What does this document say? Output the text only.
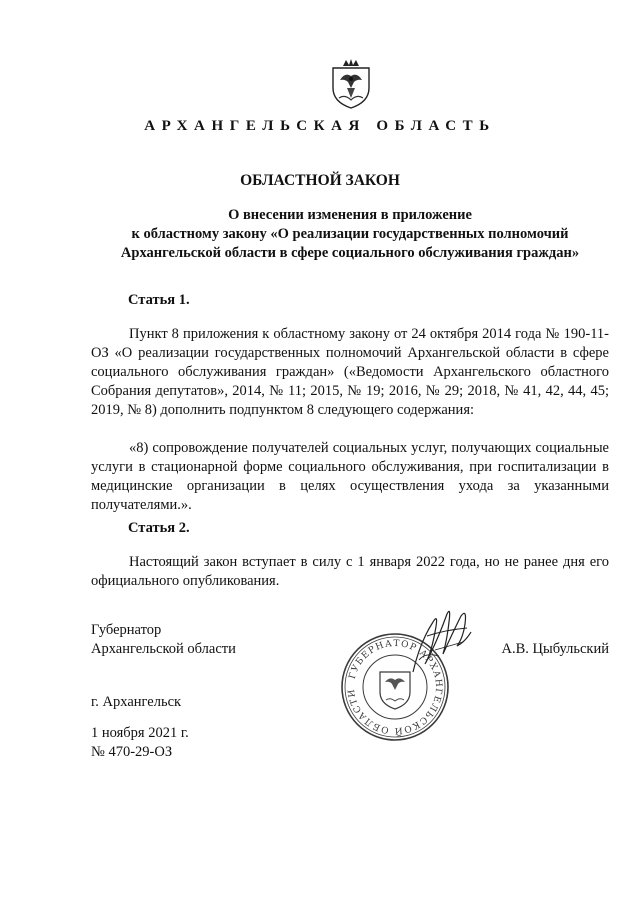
АРХАНГЕЛЬСКАЯ ОБЛАСТЬ
ОБЛАСТНОЙ ЗАКОН
О внесении изменения в приложение
к областному закону «О реализации государственных полномочий
Архангельской области в сфере социального обслуживания граждан»
Статья 1.

Пункт 8 приложения к областному закону от 24 октября 2014 года № 190-11-ОЗ «О реализации государственных полномочий Архангельской области в сфере социального обслуживания граждан» («Ведомости Архангельского областного Собрания депутатов», 2014, № 11; 2015, № 19; 2016, № 29; 2018, № 41, 42, 44, 45; 2019, № 8) дополнить подпунктом 8 следующего содержания:

«8) сопровождение получателей социальных услуг, получающих социальные услуги в стационарной форме социального обслуживания, при госпитализации в медицинские организации в целях осуществления ухода за указанными получателями.».

Статья 2.

Настоящий закон вступает в силу с 1 января 2022 года, но не ранее дня его официального опубликования.

Губернатор
Архангельской области	А.В. Цыбульский
ГУБЕРНАТОР АРХАНГЕЛЬСКОЙ ОБЛАСТИ
г. Архангельск
1 ноября 2021 г.
№ 470-29-ОЗ
